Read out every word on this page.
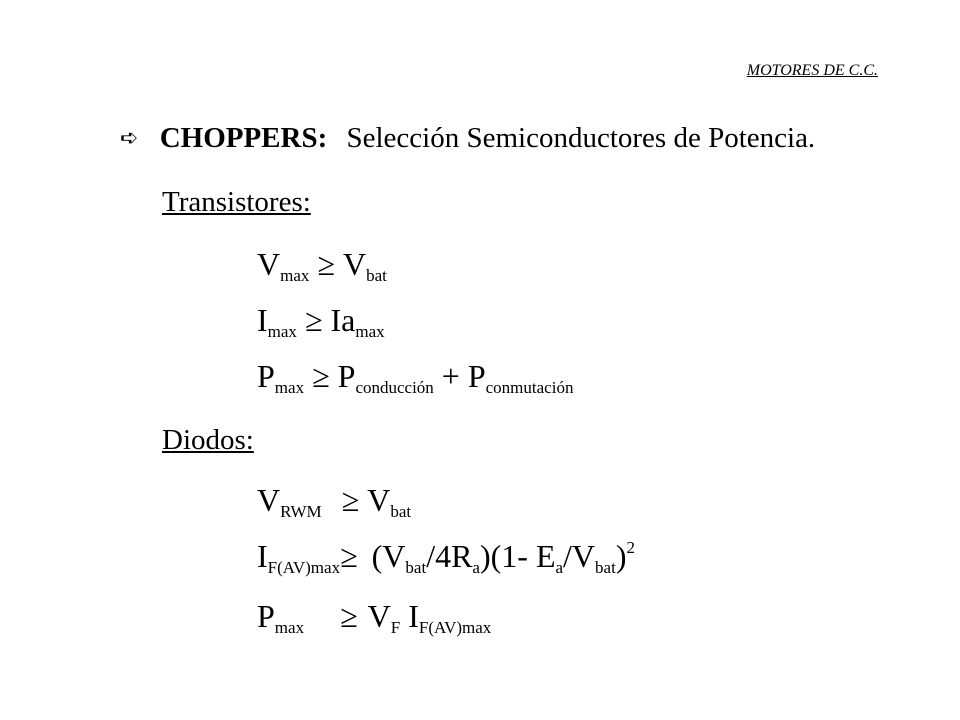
MOTORES DE C.C.
➪ CHOPPERS: Selección Semiconductores de Potencia.
Transistores:
$V_{max} \ge V_{bat}$
$I_{max} \ge Ia_{max}$
$P_{max} \ge P_{conducción} + P_{conmutación}$
Diodos:
$V_{RWM} \ge V_{bat}$
$I_{F(AV)max}\ge (V_{bat}/4R_a)(1-$ $E_a/V_{bat})^2$
$P_{max} \ge V_F$ $I_{F(AV)max}$
